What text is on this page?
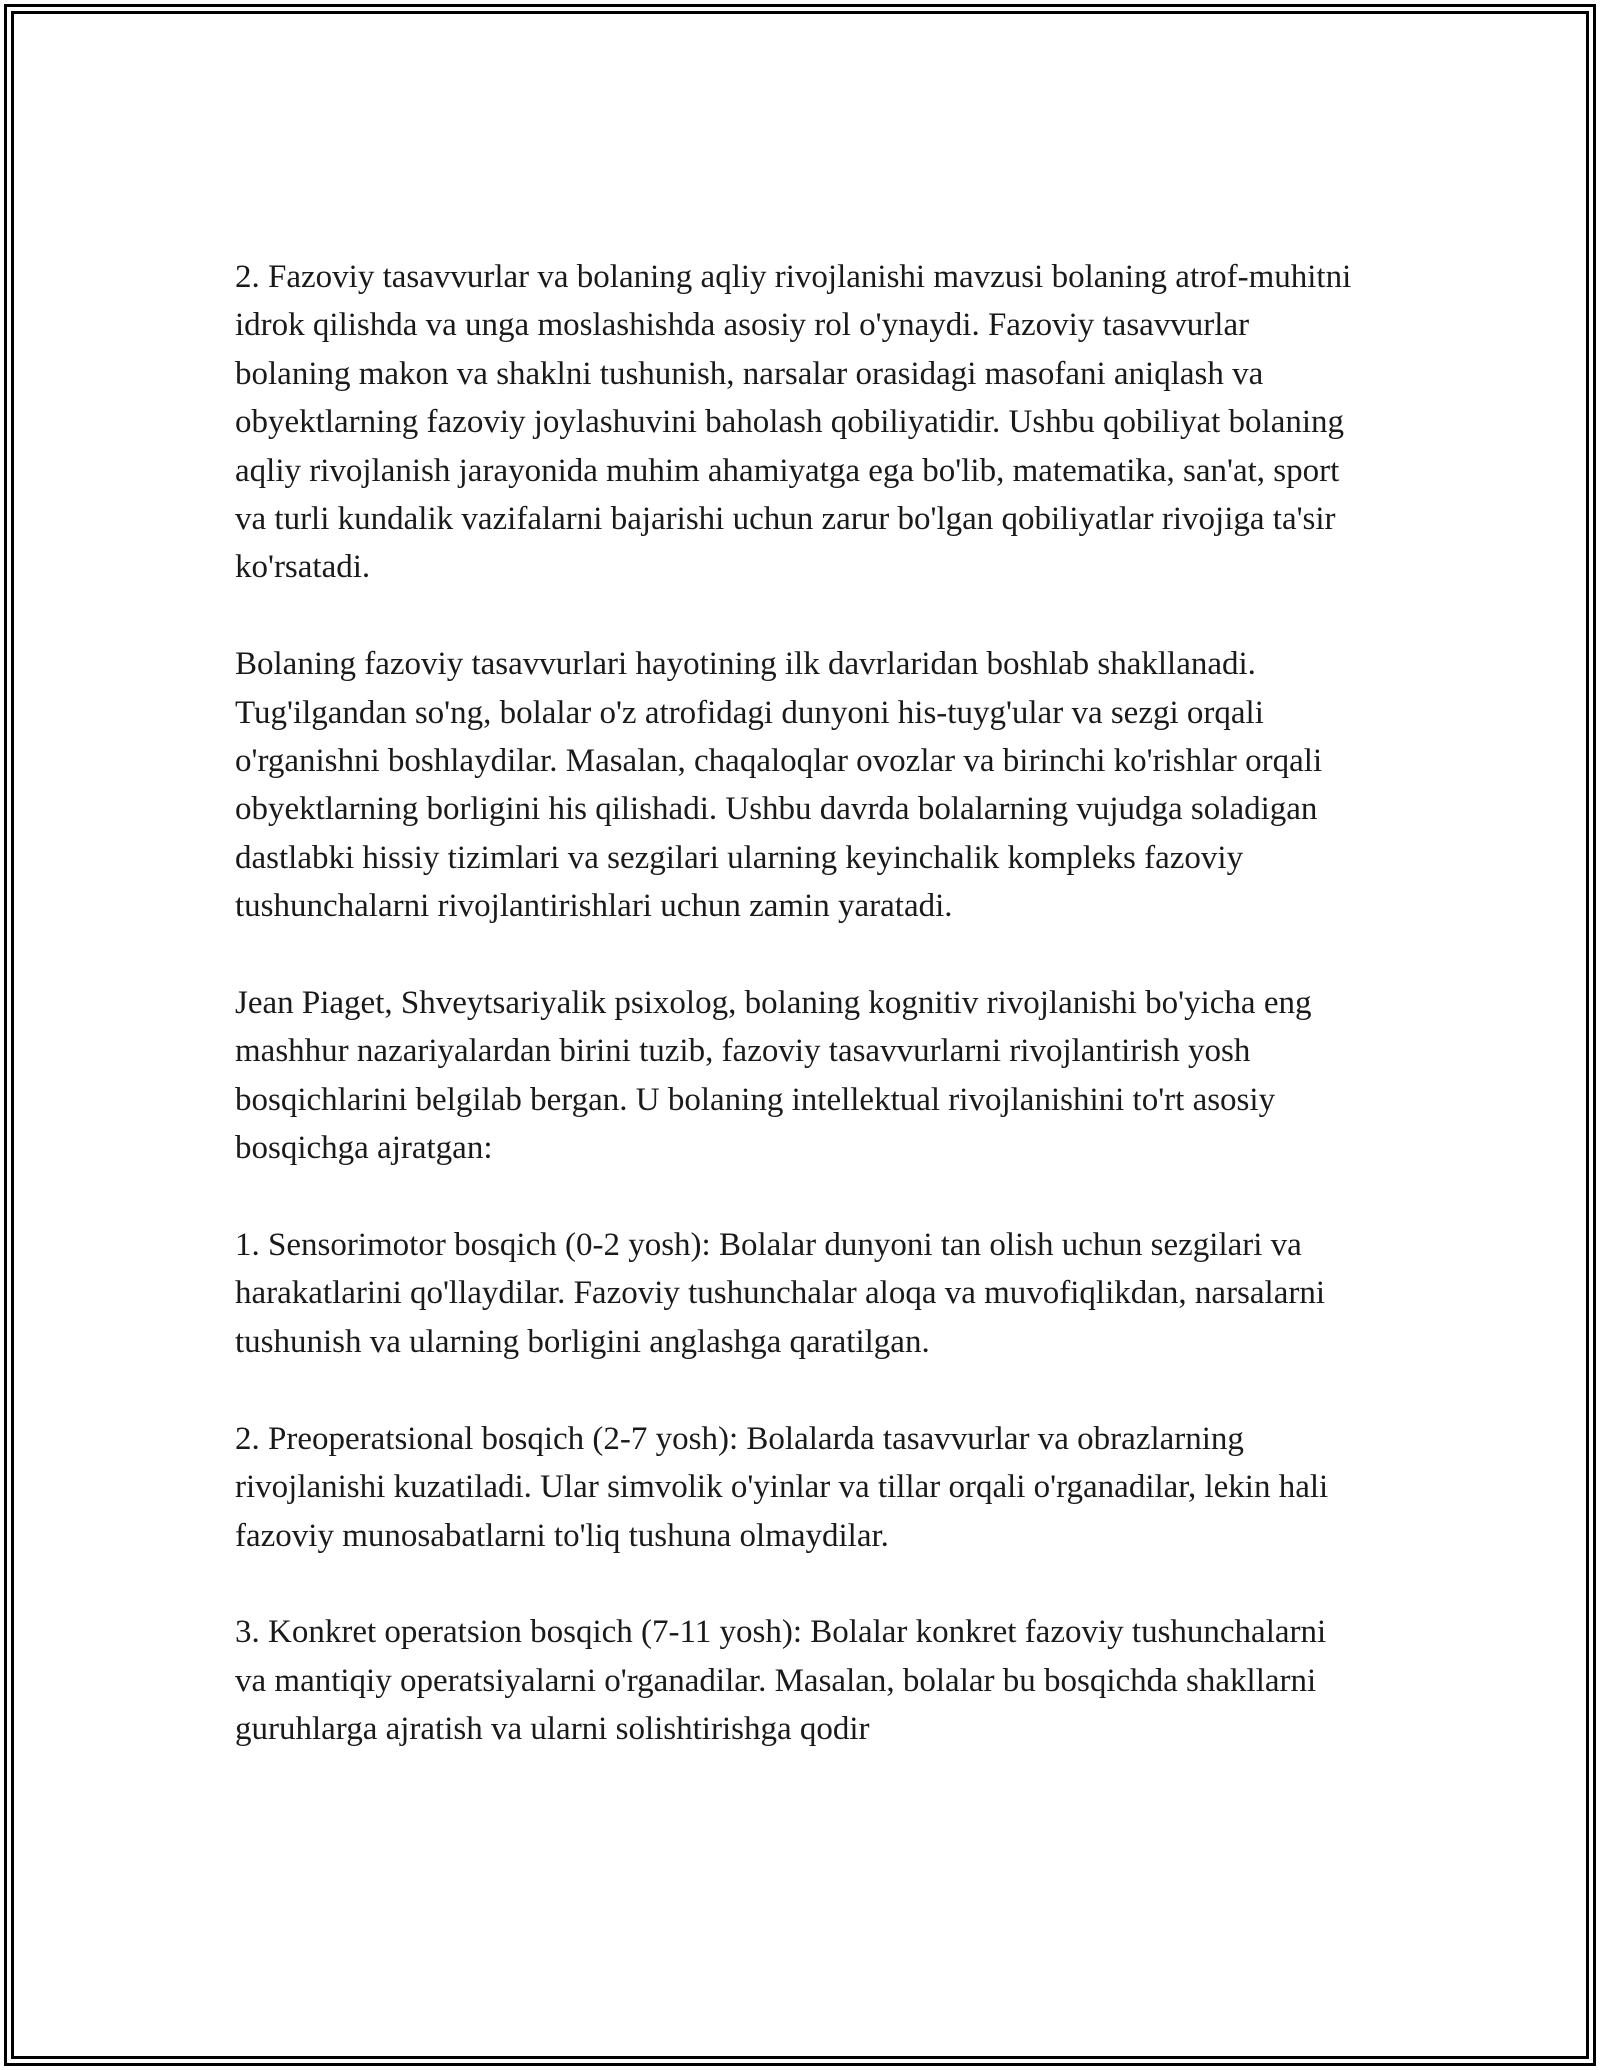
2. Fazoviy tasavvurlar va bolaning aqliy rivojlanishi mavzusi bolaning atrof-muhitni idrok qilishda va unga moslashishda asosiy rol o'ynaydi. Fazoviy tasavvurlar bolaning makon va shaklni tushunish, narsalar orasidagi masofani aniqlash va obyektlarning fazoviy joylashuvini baholash qobiliyatidir. Ushbu qobiliyat bolaning aqliy rivojlanish jarayonida muhim ahamiyatga ega bo'lib, matematika, san'at, sport va turli kundalik vazifalarni bajarishi uchun zarur bo'lgan qobiliyatlar rivojiga ta'sir ko'rsatadi.

Bolaning fazoviy tasavvurlari hayotining ilk davrlaridan boshlab shakllanadi. Tug'ilgandan so'ng, bolalar o'z atrofidagi dunyoni his-tuyg'ular va sezgi orqali o'rganishni boshlaydilar. Masalan, chaqaloqlar ovozlar va birinchi ko'rishlar orqali obyektlarning borligini his qilishadi. Ushbu davrda bolalarning vujudga soladigan dastlabki hissiy tizimlari va sezgilari ularning keyinchalik kompleks fazoviy tushunchalarni rivojlantirishlari uchun zamin yaratadi.

Jean Piaget, Shveytsariyalik psixolog, bolaning kognitiv rivojlanishi bo'yicha eng mashhur nazariyalardan birini tuzib, fazoviy tasavvurlarni rivojlantirish yosh bosqichlarini belgilab bergan. U bolaning intellektual rivojlanishini to'rt asosiy bosqichga ajratgan:

1. Sensorimotor bosqich (0-2 yosh): Bolalar dunyoni tan olish uchun sezgilari va harakatlarini qo'llaydilar. Fazoviy tushunchalar aloqa va muvofiqlikdan, narsalarni tushunish va ularning borligini anglashga qaratilgan.

2. Preoperatsional bosqich (2-7 yosh): Bolalarda tasavvurlar va obrazlarning rivojlanishi kuzatiladi. Ular simvolik o'yinlar va tillar orqali o'rganadilar, lekin hali fazoviy munosabatlarni to'liq tushuna olmaydilar.

3. Konkret operatsion bosqich (7-11 yosh): Bolalar konkret fazoviy tushunchalarni va mantiqiy operatsiyalarni o'rganadilar. Masalan, bolalar bu bosqichda shakllarni guruhlarga ajratish va ularni solishtirishga qodir
